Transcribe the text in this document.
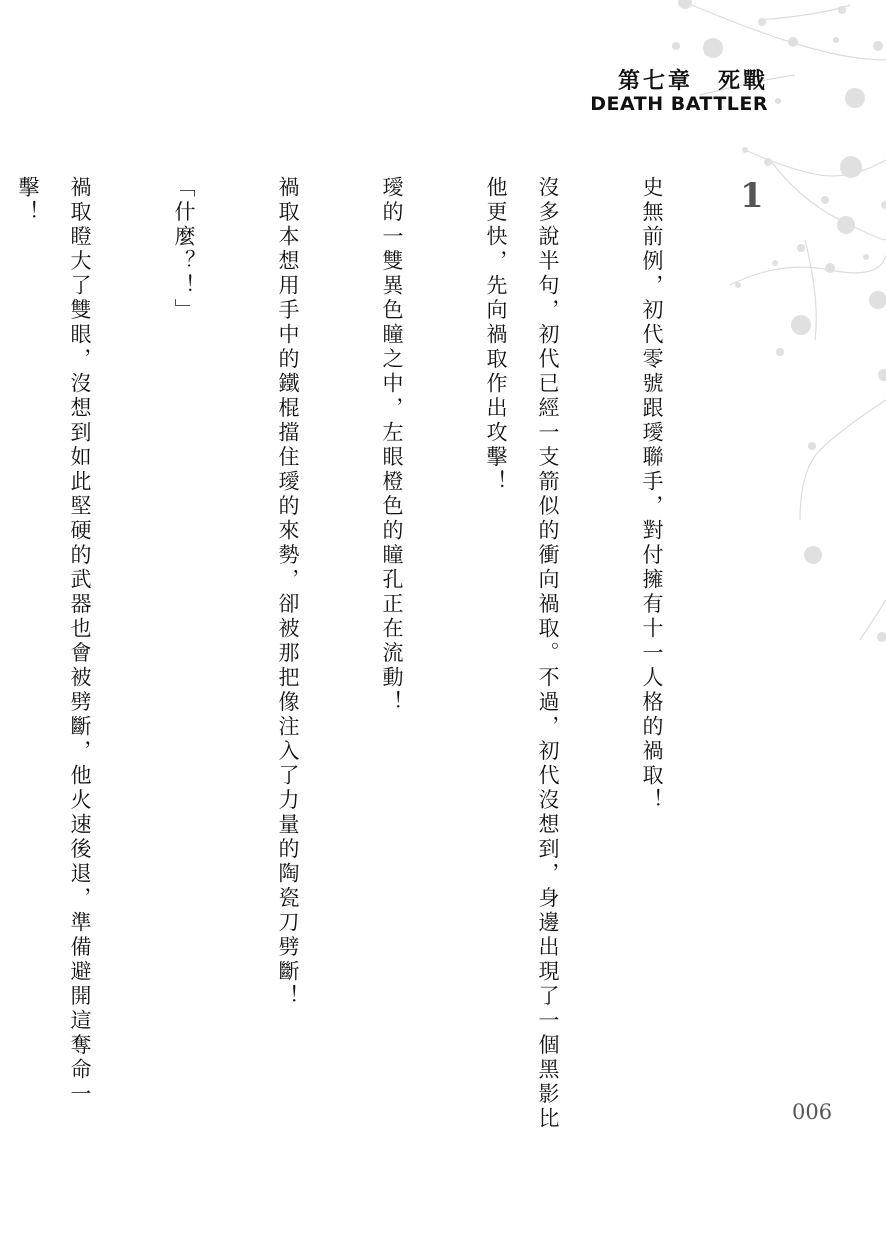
第七章　死戰
DEATH BATTLER
1

史無前例，初代零號跟璦聯手，對付擁有十一人格的禍取！

沒多說半句，初代已經一支箭似的衝向禍取。不過，初代沒想到，身邊出現了一個黑影比他更快，先向禍取作出攻擊！

璦的一雙異色瞳之中，左眼橙色的瞳孔正在流動！

禍取本想用手中的鐵棍擋住璦的來勢，卻被那把像注入了力量的陶瓷刀劈斷！

「什麼？！」

禍取瞪大了雙眼，沒想到如此堅硬的武器也會被劈斷，他火速後退，準備避開這奪命一擊！

006
